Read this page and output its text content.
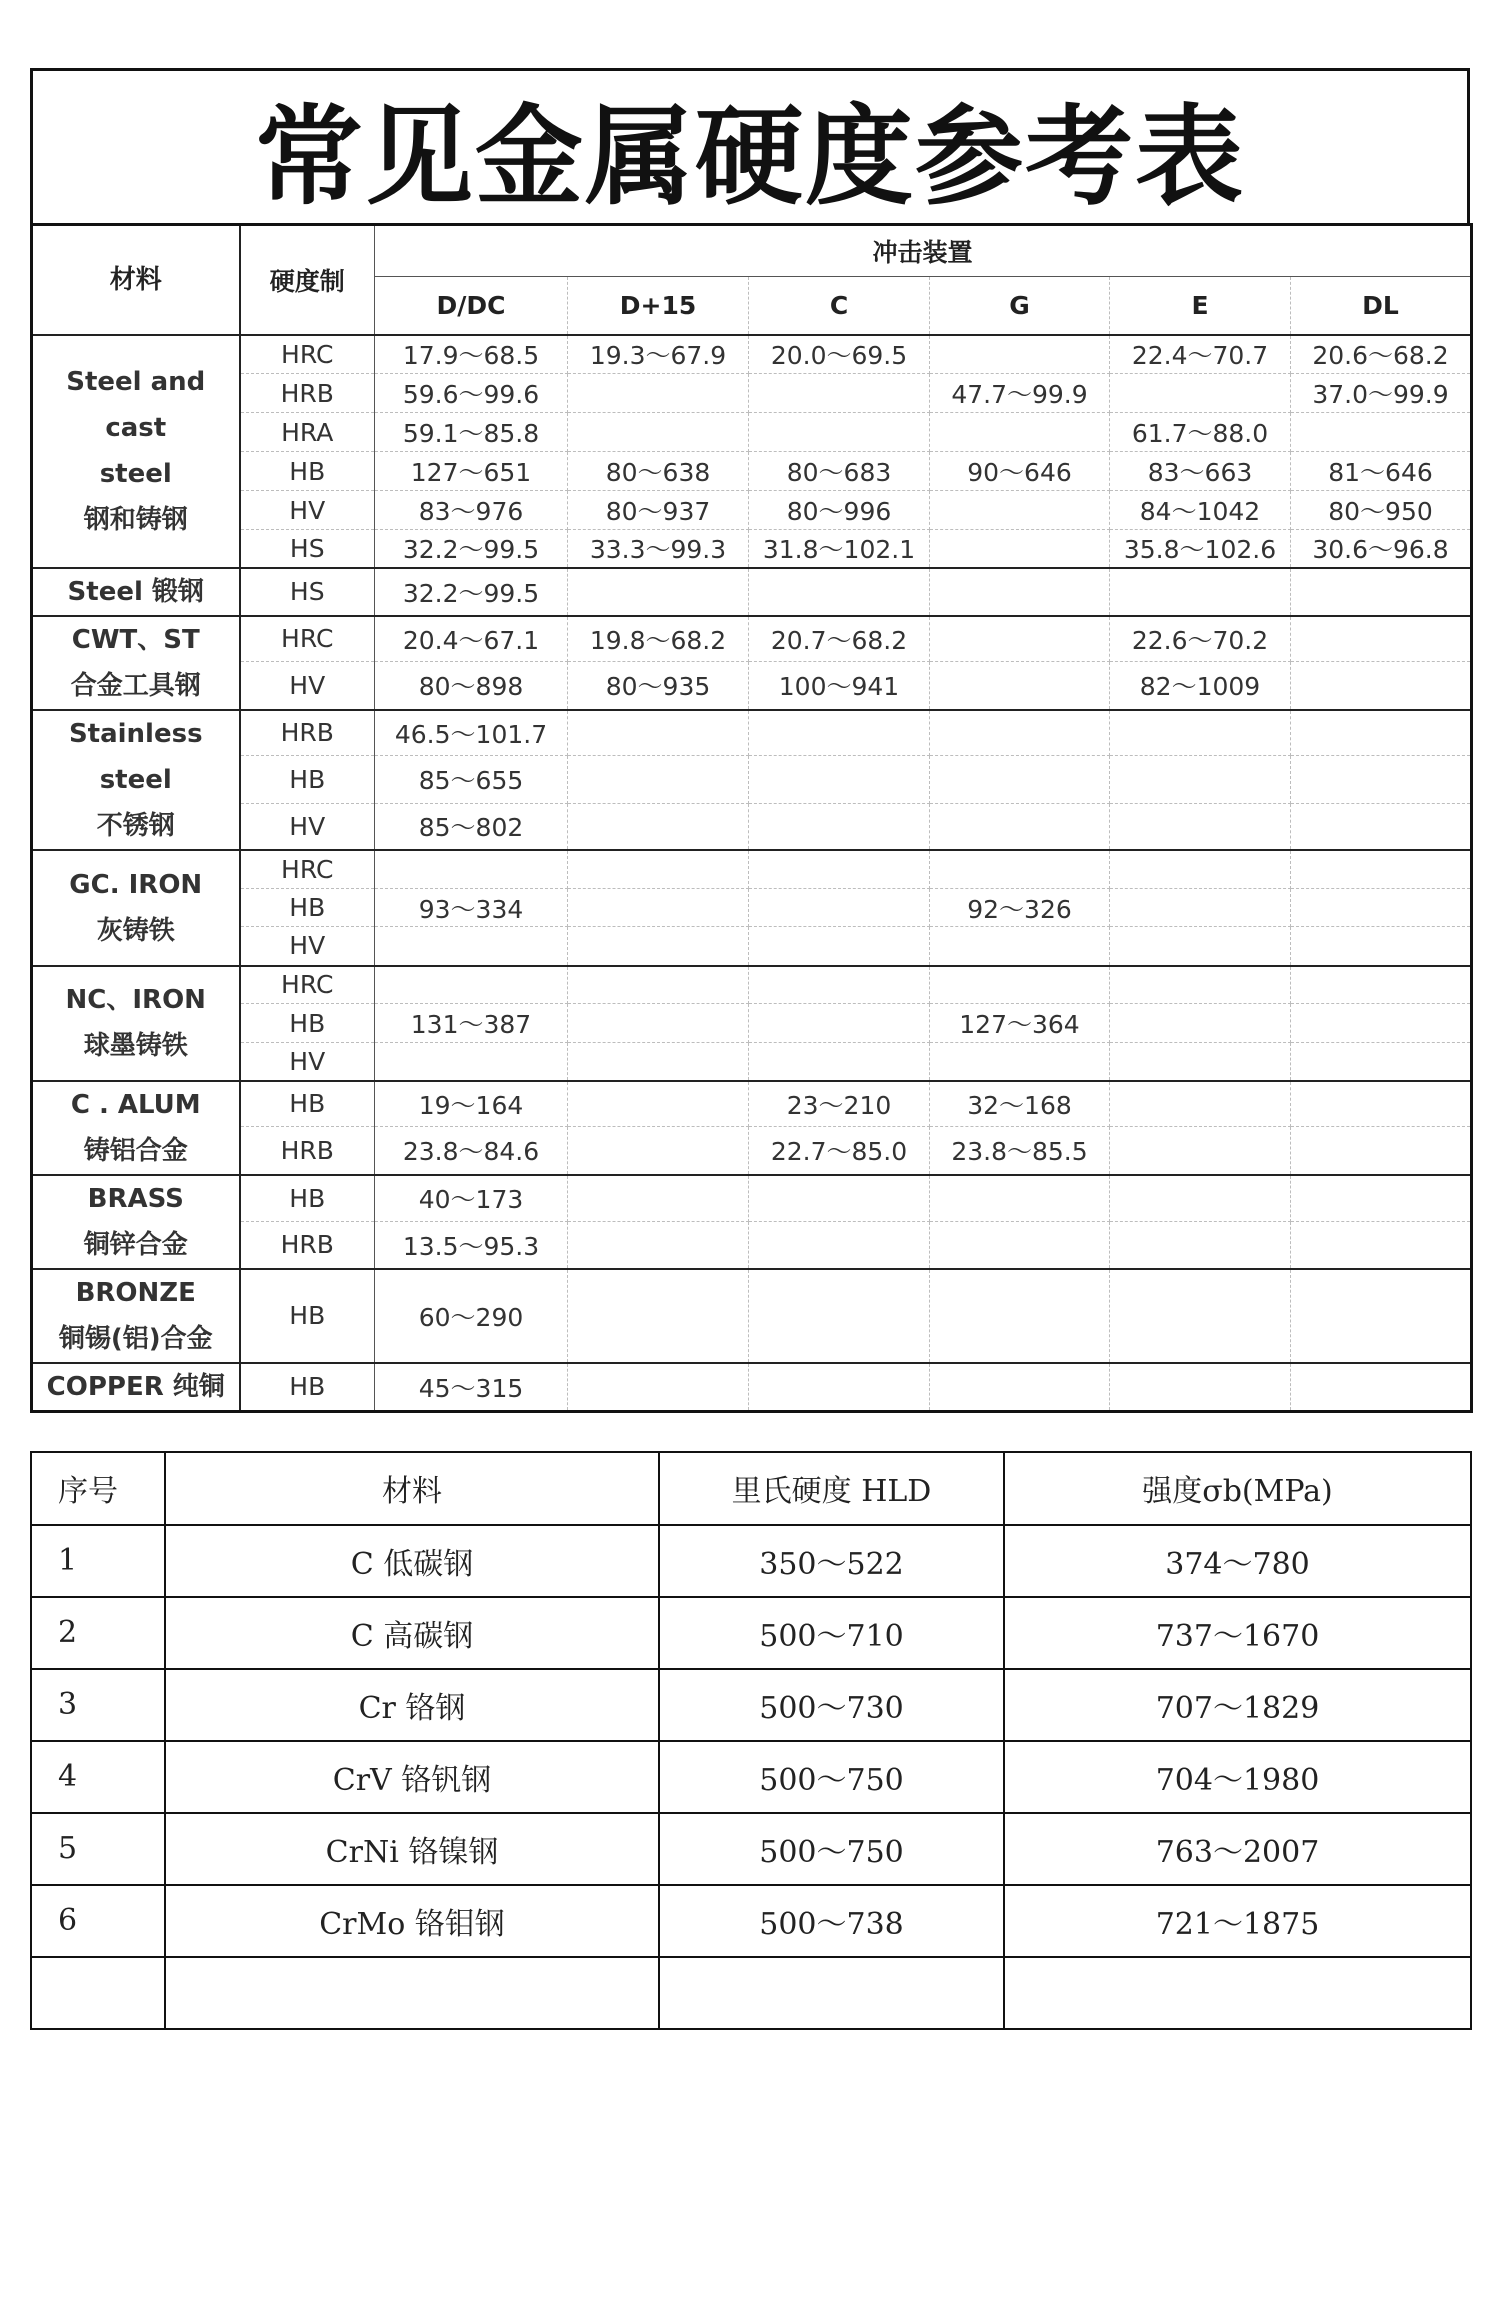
常见金属硬度参考表
材料	硬度制	冲击装置					
		D/DC	D+15	C	G	E	DL
Steel and cast
steel
钢和铸钢	HRC	17.9～68.5	19.3～67.9	20.0～69.5		22.4～70.7	20.6～68.2
	HRB	59.6～99.6			47.7～99.9		37.0～99.9
	HRA	59.1～85.8				61.7～88.0	
	HB	127～651	80～638	80～683	90～646	83～663	81～646
	HV	83～976	80～937	80～996		84～1042	80～950
	HS	32.2～99.5	33.3～99.3	31.8～102.1		35.8～102.6	30.6～96.8
Steel 锻钢	HS	32.2～99.5					
CWT、ST
合金工具钢	HRC	20.4～67.1	19.8～68.2	20.7～68.2		22.6～70.2	
	HV	80～898	80～935	100～941		82～1009	
Stainless
steel
不锈钢	HRB	46.5～101.7					
	HB	85～655					
	HV	85～802					
GC. IRON
灰铸铁	HRC						
	HB	93～334			92～326		
	HV						
NC、IRON
球墨铸铁	HRC						
	HB	131～387			127～364		
	HV						
C . ALUM
铸铝合金	HB	19～164		23～210	32～168		
	HRB	23.8～84.6		22.7～85.0	23.8～85.5		
BRASS
铜锌合金	HB	40～173					
	HRB	13.5～95.3					
BRONZE
铜锡(铝)合金	HB	60～290					
COPPER 纯铜	HB	45～315					
序号	材料	里氏硬度 HLD	强度σb(MPa)
1	C 低碳钢	350～522	374～780
2	C 高碳钢	500～710	737～1670
3	Cr 铬钢	500～730	707～1829
4	CrV 铬钒钢	500～750	704～1980
5	CrNi 铬镍钢	500～750	763～2007
6	CrMo 铬钼钢	500～738	721～1875
